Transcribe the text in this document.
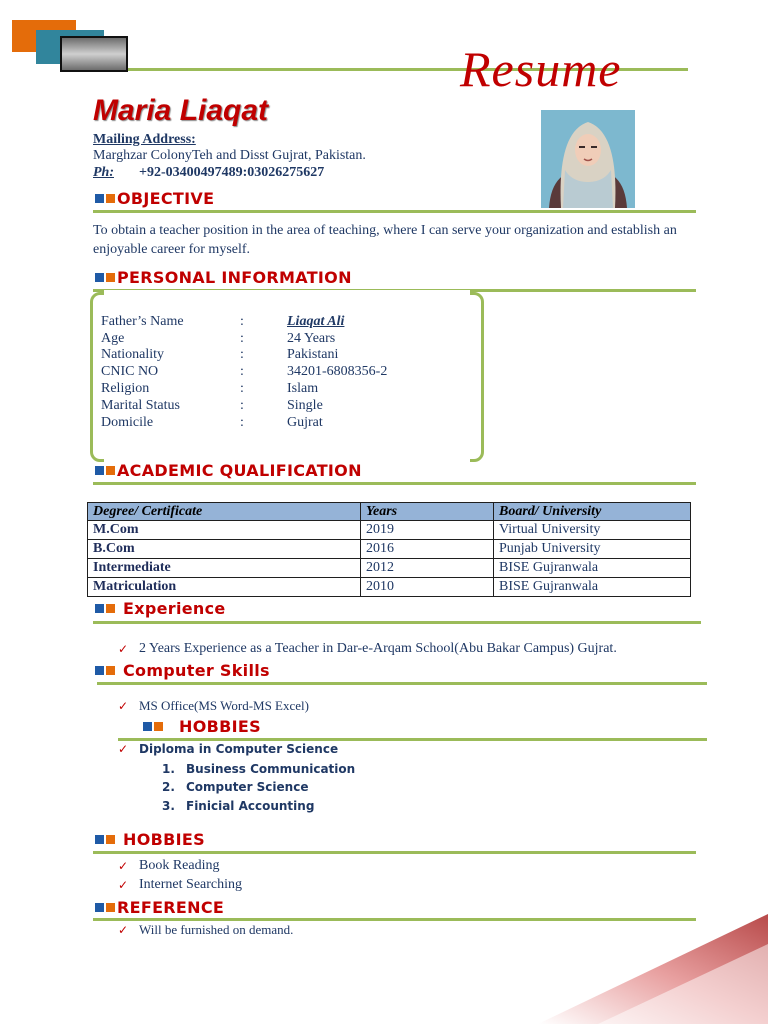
Resume
Maria Liaqat
Mailing Address:
Marghzar ColonyTeh and Disst Gujrat, Pakistan.
Ph: +92-03400497489:03026275627
OBJECTIVE
To obtain a teacher position in the area of teaching, where I can serve your organization and establish an enjoyable career for myself.
PERSONAL INFORMATION
Father’s Name	:	Liaqat Ali
Age	:	24 Years
Nationality	:	Pakistani
CNIC NO	:	34201-6808356-2
Religion	:	Islam
Marital Status	:	Single
Domicile	:	Gujrat
ACADEMIC QUALIFICATION
Degree/ Certificate	Years	Board/ University
M.Com	2019	Virtual University
B.Com	2016	Punjab University
Intermediate	2012	BISE Gujranwala
Matriculation	2010	BISE Gujranwala
Experience
✓ 2 Years Experience as a Teacher in Dar-e-Arqam School(Abu Bakar Campus) Gujrat.
Computer Skills
✓ MS Office(MS Word-MS Excel)
HOBBIES
✓ Diploma in Computer Science
1. Business Communication
2. Computer Science
3. Finicial Accounting
HOBBIES
✓ Book Reading
✓ Internet Searching
REFERENCE
✓ Will be furnished on demand.
